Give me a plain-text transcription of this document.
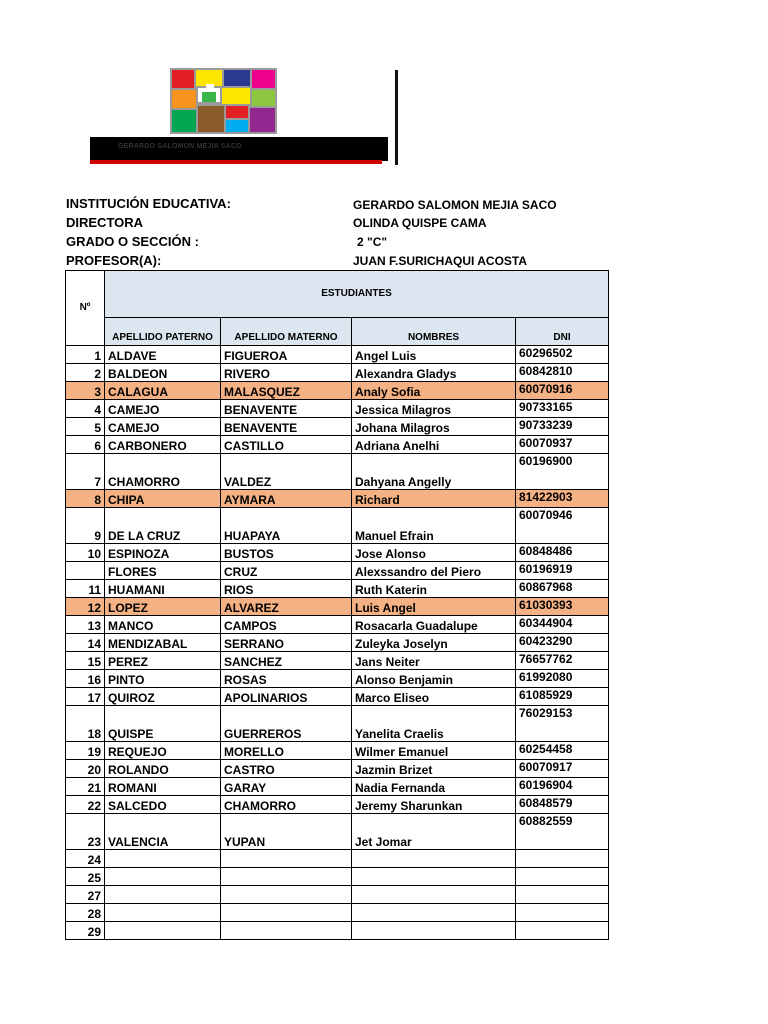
GERARDO SALOMON MEJIA SACO
INSTITUCIÓN EDUCATIVA:	GERARDO SALOMON MEJIA SACO
DIRECTORA	OLINDA QUISPE CAMA
GRADO O SECCIÓN :	2 "C"
PROFESOR(A):	JUAN F.SURICHAQUI ACOSTA
Nº	ESTUDIANTES			
	APELLIDO PATERNO	APELLIDO MATERNO	NOMBRES	DNI
1	ALDAVE	FIGUEROA	Angel Luis	60296502
2	BALDEON	RIVERO	Alexandra Gladys	60842810
3	CALAGUA	MALASQUEZ	Analy Sofia	60070916
4	CAMEJO	BENAVENTE	Jessica Milagros	90733165
5	CAMEJO	BENAVENTE	Johana Milagros	90733239
6	CARBONERO	CASTILLO	Adriana Anelhi	60070937
7	CHAMORRO	VALDEZ	Dahyana Angelly	60196900
8	CHIPA	AYMARA	Richard	81422903
9	DE LA CRUZ	HUAPAYA	Manuel Efrain	60070946
10	ESPINOZA	BUSTOS	Jose Alonso	60848486
	FLORES	CRUZ	Alexssandro del Piero	60196919
11	HUAMANI	RIOS	Ruth Katerin	60867968
12	LOPEZ	ALVAREZ	Luis Angel	61030393
13	MANCO	CAMPOS	Rosacarla Guadalupe	60344904
14	MENDIZABAL	SERRANO	Zuleyka Joselyn	60423290
15	PEREZ	SANCHEZ	Jans Neiter	76657762
16	PINTO	ROSAS	Alonso Benjamin	61992080
17	QUIROZ	APOLINARIOS	Marco Eliseo	61085929
18	QUISPE	GUERREROS	Yanelita Craelis	76029153
19	REQUEJO	MORELLO	Wilmer Emanuel	60254458
20	ROLANDO	CASTRO	Jazmin Brizet	60070917
21	ROMANI	GARAY	Nadia Fernanda	60196904
22	SALCEDO	CHAMORRO	Jeremy Sharunkan	60848579
23	VALENCIA	YUPAN	Jet Jomar	60882559
24				
25				
27				
28				
29				
